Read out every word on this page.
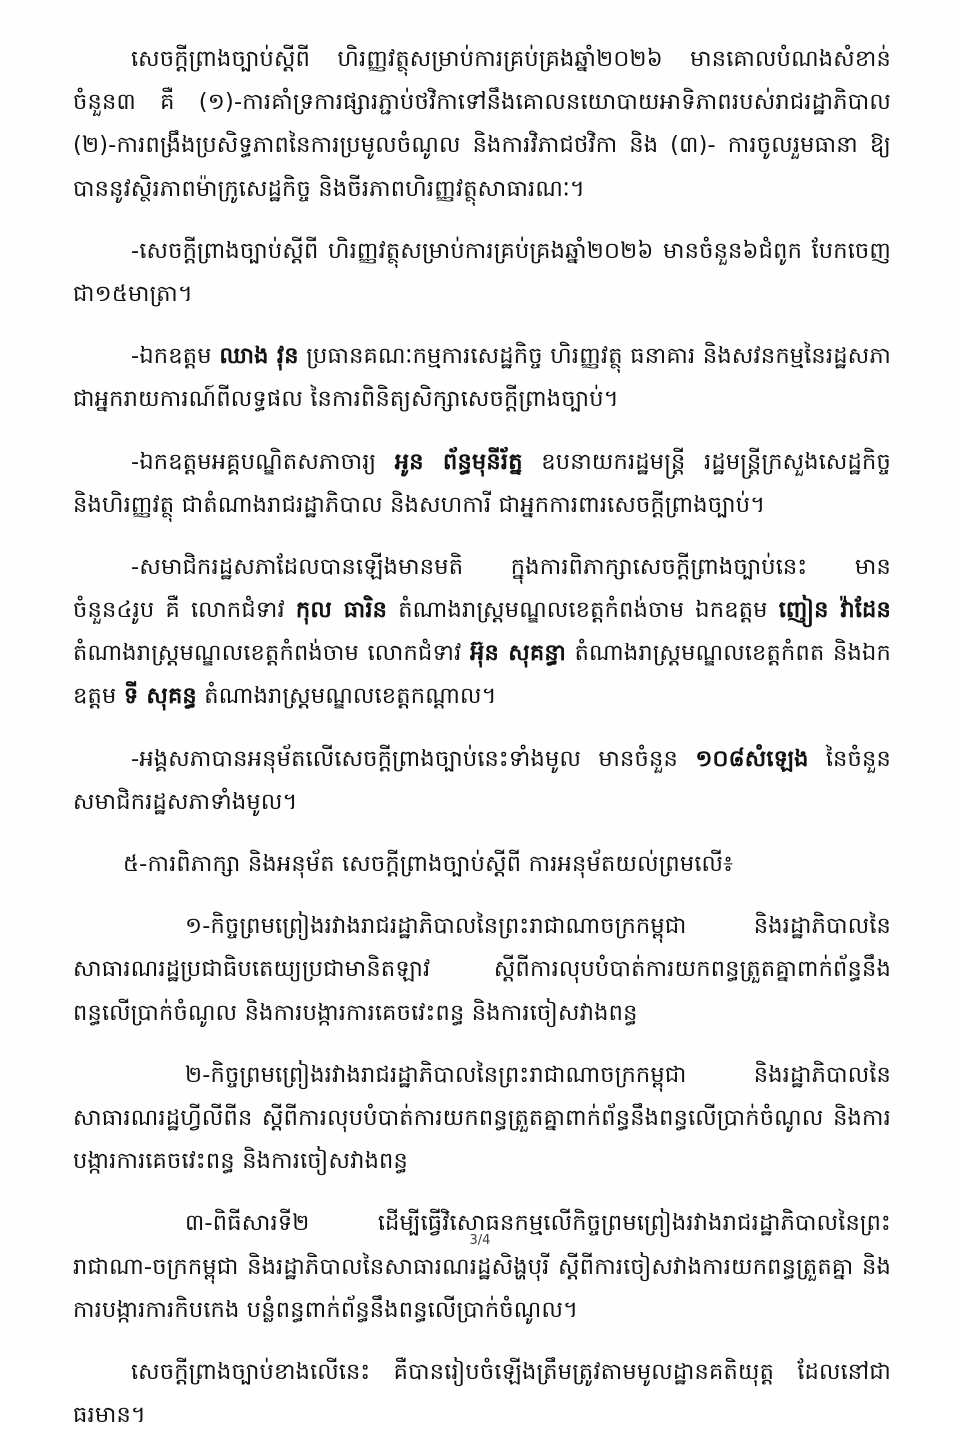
សេចក្តីព្រាងច្បាប់ស្តីពី ហិរញ្ញវត្ថុសម្រាប់ការគ្រប់គ្រងឆ្នាំ២០២៦ មានគោលបំណងសំខាន់ចំនួន៣ គឺ (១)-ការគាំទ្រការផ្សារភ្ជាប់ថវិកាទៅនឹងគោលនយោបាយអាទិភាពរបស់រាជរដ្ឋាភិបាល (២)-ការពង្រឹងប្រសិទ្ធភាពនៃការប្រមូលចំណូល និងការវិភាជថវិកា និង (៣)- ការចូលរួមធានា ឱ្យបាននូវស្ថិរភាពម៉ាក្រូសេដ្ឋកិច្ច និងចីរភាពហិរញ្ញវត្ថុសាធារណៈ។

-សេចក្តីព្រាងច្បាប់ស្តីពី ហិរញ្ញវត្ថុសម្រាប់ការគ្រប់គ្រងឆ្នាំ២០២៦ មានចំនួន៦ជំពូក បែកចេញជា១៥មាត្រា។

-ឯកឧត្តម ឈាង វុន ប្រធានគណៈកម្មការសេដ្ឋកិច្ច ហិរញ្ញវត្ថុ ធនាគារ និងសវនកម្មនៃរដ្ឋសភា ជាអ្នករាយការណ៍ពីលទ្ធផល នៃការពិនិត្យសិក្សាសេចក្តីព្រាងច្បាប់។

-ឯកឧត្តមអគ្គបណ្ឌិតសភាចារ្យ អូន ព័ន្ធមុនីរ័ត្ន ឧបនាយករដ្ឋមន្ត្រី រដ្ឋមន្ត្រីក្រសួងសេដ្ឋកិច្ច និងហិរញ្ញវត្ថុ ជាតំណាងរាជរដ្ឋាភិបាល និងសហការី ជាអ្នកការពារសេចក្តីព្រាងច្បាប់។

-សមាជិករដ្ឋសភាដែលបានឡើងមានមតិ ក្នុងការពិភាក្សាសេចក្តីព្រាងច្បាប់នេះ មានចំនួន៤រូប គឺ លោកជំទាវ កុល ធារិន តំណាងរាស្រ្តមណ្ឌលខេត្តកំពង់ចាម ឯកឧត្តម ញៀន វ៉ាដែន តំណាងរាស្រ្តមណ្ឌលខេត្តកំពង់ចាម លោកជំទាវ អ៊ុន សុគន្ធា តំណាងរាស្រ្តមណ្ឌលខេត្តកំពត និងឯកឧត្តម ទី សុគន្ធ តំណាងរាស្រ្តមណ្ឌលខេត្តកណ្តាល។

-អង្គសភាបានអនុម័តលើសេចក្តីព្រាងច្បាប់នេះទាំងមូល មានចំនួន ១០៨សំឡេង នៃចំនួនសមាជិករដ្ឋសភាទាំងមូល។

៥-ការពិភាក្សា និងអនុម័ត សេចក្តីព្រាងច្បាប់ស្តីពី ការអនុម័តយល់ព្រមលើ៖

១-កិច្ចព្រមព្រៀងរវាងរាជរដ្ឋាភិបាលនៃព្រះរាជាណាចក្រកម្ពុជា និងរដ្ឋាភិបាលនៃសាធារណរដ្ឋប្រជាធិបតេយ្យប្រជាមានិតឡាវ ស្តីពីការលុបបំបាត់ការយកពន្ធត្រួតគ្នាពាក់ព័ន្ធនឹងពន្ធលើប្រាក់ចំណូល និងការបង្ការការគេចវេះពន្ធ និងការចៀសវាងពន្ធ

២-កិច្ចព្រមព្រៀងរវាងរាជរដ្ឋាភិបាលនៃព្រះរាជាណាចក្រកម្ពុជា និងរដ្ឋាភិបាលនៃសាធារណរដ្ឋហ្វីលីពីន ស្តីពីការលុបបំបាត់ការយកពន្ធត្រួតគ្នាពាក់ព័ន្ធនឹងពន្ធលើប្រាក់ចំណូល និងការបង្ការការគេចវេះពន្ធ និងការចៀសវាងពន្ធ

៣-ពិធីសារទី២ ដើម្បីធ្វើវិសោធនកម្មលើកិច្ចព្រមព្រៀងរវាងរាជរដ្ឋាភិបាលនៃព្រះរាជាណា-ចក្រកម្ពុជា និងរដ្ឋាភិបាលនៃសាធារណរដ្ឋសិង្ហបុរី ស្តីពីការចៀសវាងការយកពន្ធត្រួតគ្នា និងការបង្ការការកិបកេង បន្លំពន្ធពាក់ព័ន្ធនឹងពន្ធលើប្រាក់ចំណូល។

សេចក្តីព្រាងច្បាប់ខាងលើនេះ គឺបានរៀបចំឡើងត្រឹមត្រូវតាមមូលដ្ឋានគតិយុត្ត ដែលនៅជាធរមាន។

3/4
